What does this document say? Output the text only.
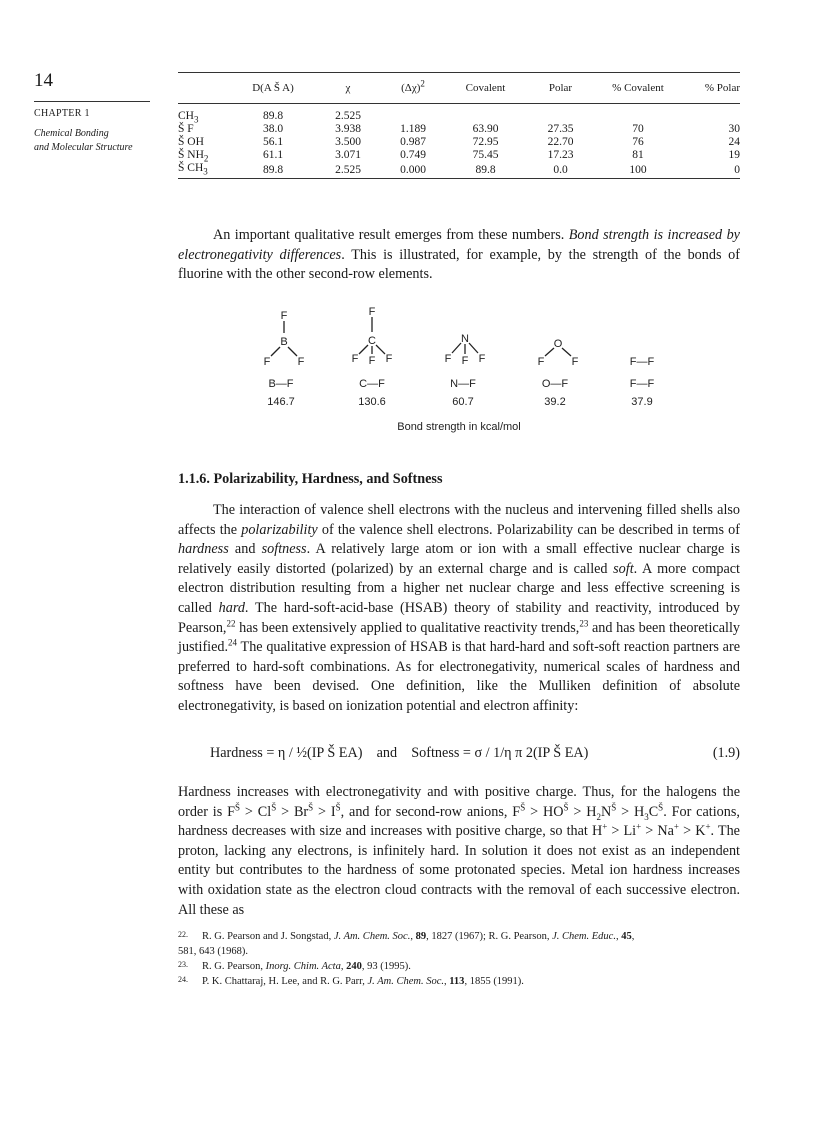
14
CHAPTER 1
Chemical Bonding
and Molecular Structure
	D(A Š A)	χ	$(\Delta\chi)^2$	Covalent	Polar	% Covalent	% Polar
$CH_3$	89.8	2.525					
Š F	38.0	3.938	1.189	63.90	27.35	70	30
Š OH	56.1	3.500	0.987	72.95	22.70	76	24
Š $NH_2$	61.1	3.071	0.749	75.45	17.23	81	19
Š $CH_3$	89.8	2.525	0.000	89.8	0.0	100	0
An important qualitative result emerges from these numbers. Bond strength is increased by electronegativity differences. This is illustrated, for example, by the strength of the bonds of fluorine with the other second-row elements.
F
B
F F
F
C
F F F
N
F F F
O
F F	F—F
B—F	C—F	N—F	O—F	F—F
146.7	130.6	60.7	39.2	37.9
Bond strength in kcal/mol
1.1.6. Polarizability, Hardness, and Softness
The interaction of valence shell electrons with the nucleus and intervening filled shells also affects the polarizability of the valence shell electrons. Polarizability can be described in terms of hardness and softness. A relatively large atom or ion with a small effective nuclear charge is relatively easily distorted (polarized) by an external charge and is called soft. A more compact electron distribution resulting from a higher net nuclear charge and less effective screening is called hard. The hard-soft-acid-base (HSAB) theory of stability and reactivity, introduced by Pearson,$^{22}$ has been extensively applied to qualitative reactivity trends,$^{23}$ and has been theoretically justified.$^{24}$ The qualitative expression of HSAB is that hard-hard and soft-soft reaction partners are preferred to hard-soft combinations. As for electronegativity, numerical scales of hardness and softness have been devised. One definition, like the Mulliken definition of absolute electronegativity, is based on ionization potential and electron affinity:
Hardness = η / ½(IP Š EA)    and    Softness = σ / 1/η π 2(IP Š EA)	(1.9)
Hardness increases with electronegativity and with positive charge. Thus, for the halogens the order is $F^Š > Cl^Š > Br^Š > I^Š$, and for second-row anions, $F^Š > HO^Š > H_2N^Š > H_3C^Š$. For cations, hardness decreases with size and increases with positive charge, so that H+ > Li+ > Na+ > K+. The proton, lacking any electrons, is infinitely hard. In solution it does not exist as an independent entity but contributes to the hardness of some protonated species. Metal ion hardness increases with oxidation state as the electron cloud contracts with the removal of each successive electron. All these as
22. R. G. Pearson and J. Songstad, J. Am. Chem. Soc., 89, 1827 (1967); R. G. Pearson, J. Chem. Educ., 45,
581, 643 (1968).
23. R. G. Pearson, Inorg. Chim. Acta, 240, 93 (1995).
24. P. K. Chattaraj, H. Lee, and R. G. Parr, J. Am. Chem. Soc., 113, 1855 (1991).
